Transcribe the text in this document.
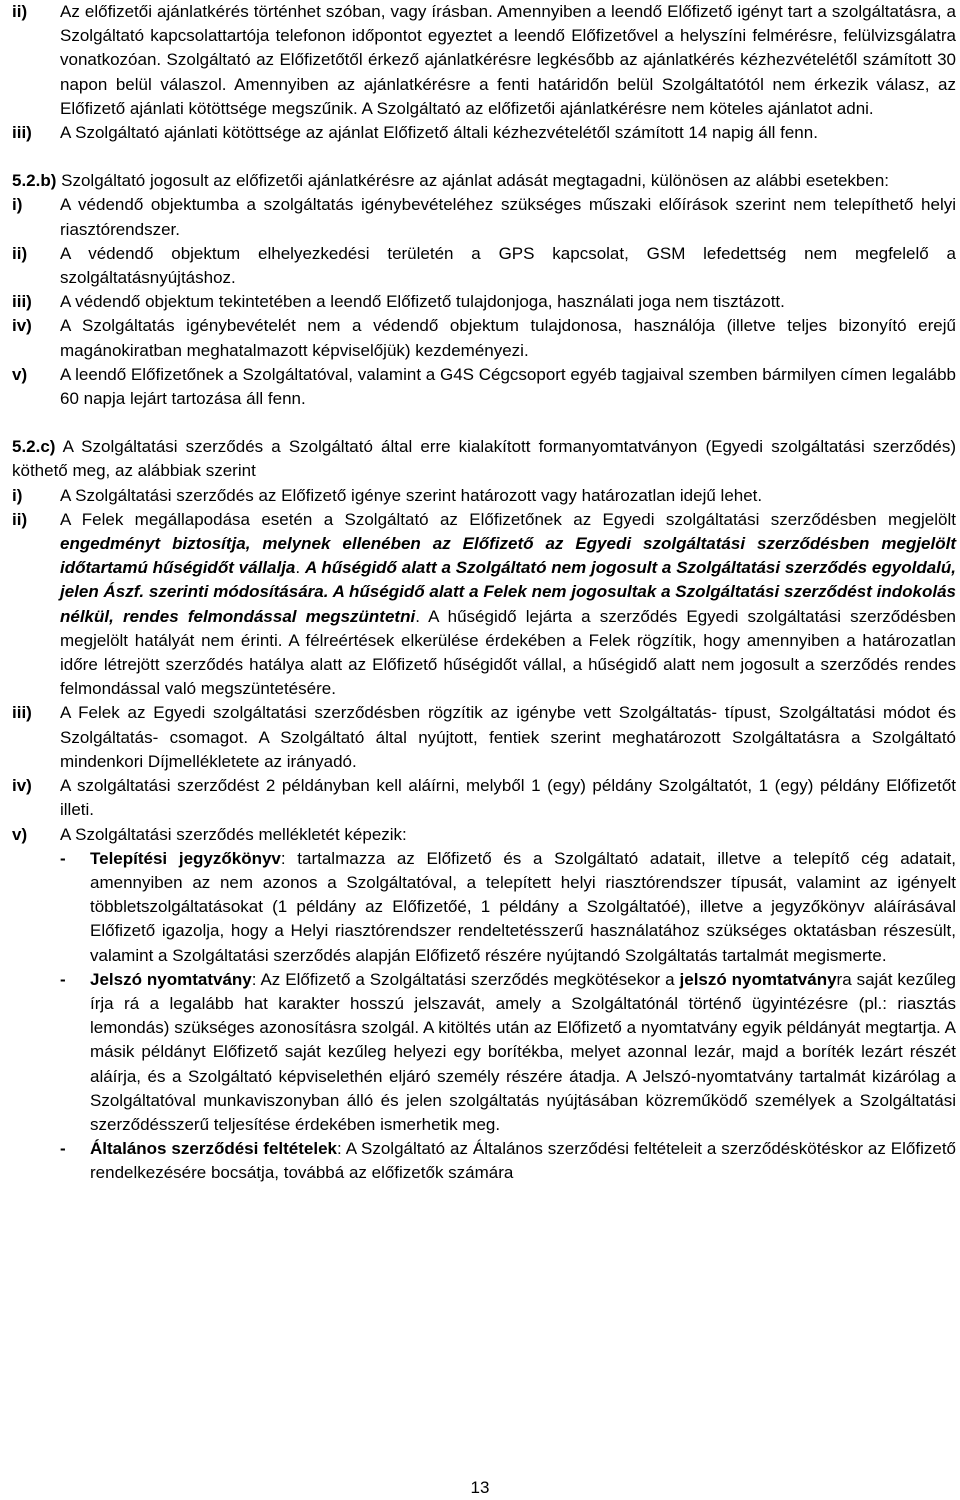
ii)	Az előfizetői ajánlatkérés történhet szóban, vagy írásban. Amennyiben a leendő Előfizető igényt tart a szolgáltatásra, a Szolgáltató kapcsolattartója telefonon időpontot egyeztet a leendő Előfizetővel a helyszíni felmérésre, felülvizsgálatra vonatkozóan. Szolgáltató az Előfizetőtől érkező ajánlatkérésre legkésőbb az ajánlatkérés kézhezvételétől számított 30 napon belül válaszol. Amennyiben az ajánlatkérésre a fenti határidőn belül Szolgáltatótól nem érkezik válasz, az Előfizető ajánlati kötöttsége megszűnik. A Szolgáltató az előfizetői ajánlatkérésre nem köteles ajánlatot adni.
iii)	A Szolgáltató ajánlati kötöttsége az ajánlat Előfizető általi kézhezvételétől számított 14 napig áll fenn.
5.2.b) Szolgáltató jogosult az előfizetői ajánlatkérésre az ajánlat adását megtagadni, különösen az alábbi esetekben:
i)	A védendő objektumba a szolgáltatás igénybevételéhez szükséges műszaki előírások szerint nem telepíthető helyi riasztórendszer.
ii)	A védendő objektum elhelyezkedési területén a GPS kapcsolat, GSM lefedettség nem megfelelő a szolgáltatásnyújtáshoz.
iii)	A védendő objektum tekintetében a leendő Előfizető tulajdonjoga, használati joga nem tisztázott.
iv)	A Szolgáltatás igénybevételét nem a védendő objektum tulajdonosa, használója (illetve teljes bizonyító erejű magánokiratban meghatalmazott képviselőjük) kezdeményezi.
v)	A leendő Előfizetőnek a Szolgáltatóval, valamint a G4S Cégcsoport egyéb tagjaival szemben bármilyen címen legalább 60 napja lejárt tartozása áll fenn.
5.2.c) A Szolgáltatási szerződés a Szolgáltató által erre kialakított formanyomtatványon (Egyedi szolgáltatási szerződés) köthető meg, az alábbiak szerint
i)	A Szolgáltatási szerződés az Előfizető igénye szerint határozott vagy határozatlan idejű lehet.
ii)	A Felek megállapodása esetén a Szolgáltató az Előfizetőnek az Egyedi szolgáltatási szerződésben megjelölt engedményt biztosítja, melynek ellenében az Előfizető az Egyedi szolgáltatási szerződésben megjelölt időtartamú hűségidőt vállalja. A hűségidő alatt a Szolgáltató nem jogosult a Szolgáltatási szerződés egyoldalú, jelen Ászf. szerinti módosítására. A hűségidő alatt a Felek nem jogosultak a Szolgáltatási szerződést indokolás nélkül, rendes felmondással megszüntetni. A hűségidő lejárta a szerződés Egyedi szolgáltatási szerződésben megjelölt hatályát nem érinti. A félreértések elkerülése érdekében a Felek rögzítik, hogy amennyiben a határozatlan időre létrejött szerződés hatálya alatt az Előfizető hűségidőt vállal, a hűségidő alatt nem jogosult a szerződés rendes felmondással való megszüntetésére.
iii)	A Felek az Egyedi szolgáltatási szerződésben rögzítik az igénybe vett Szolgáltatás- típust, Szolgáltatási módot és Szolgáltatás- csomagot. A Szolgáltató által nyújtott, fentiek szerint meghatározott Szolgáltatásra a Szolgáltató mindenkori Díjmellékletete az irányadó.
iv)	A szolgáltatási szerződést 2 példányban kell aláírni, melyből 1 (egy) példány Szolgáltatót, 1 (egy) példány Előfizetőt illeti.
v)	A Szolgáltatási szerződés mellékletét képezik:
-	Telepítési jegyzőkönyv: tartalmazza az Előfizető és a Szolgáltató adatait, illetve a telepítő cég adatait, amennyiben az nem azonos a Szolgáltatóval, a telepített helyi riasztórendszer típusát, valamint az igényelt többletszolgáltatásokat (1 példány az Előfizetőé, 1 példány a Szolgáltatóé), illetve a jegyzőkönyv aláírásával Előfizető igazolja, hogy a Helyi riasztórendszer rendeltetésszerű használatához szükséges oktatásban részesült, valamint a Szolgáltatási szerződés alapján Előfizető részére nyújtandó Szolgáltatás tartalmát megismerte.
-	Jelszó nyomtatvány: Az Előfizető a Szolgáltatási szerződés megkötésekor a jelszó nyomtatványra saját kezűleg írja rá a legalább hat karakter hosszú jelszavát, amely a Szolgáltatónál történő ügyintézésre (pl.: riasztás lemondás) szükséges azonosításra szolgál. A kitöltés után az Előfizető a nyomtatvány egyik példányát megtartja. A másik példányt Előfizető saját kezűleg helyezi egy borítékba, melyet azonnal lezár, majd a boríték lezárt részét aláírja, és a Szolgáltató képviselethén eljáró személy részére átadja. A Jelszó-nyomtatvány tartalmát kizárólag a Szolgáltatóval munkaviszonyban álló és jelen szolgáltatás nyújtásában közreműködő személyek a Szolgáltatási szerződésszerű teljesítése érdekében ismerhetik meg.
-	Általános szerződési feltételek: A Szolgáltató az Általános szerződési feltételeit a szerződéskötéskor az Előfizető rendelkezésére bocsátja, továbbá az előfizetők számára
13
